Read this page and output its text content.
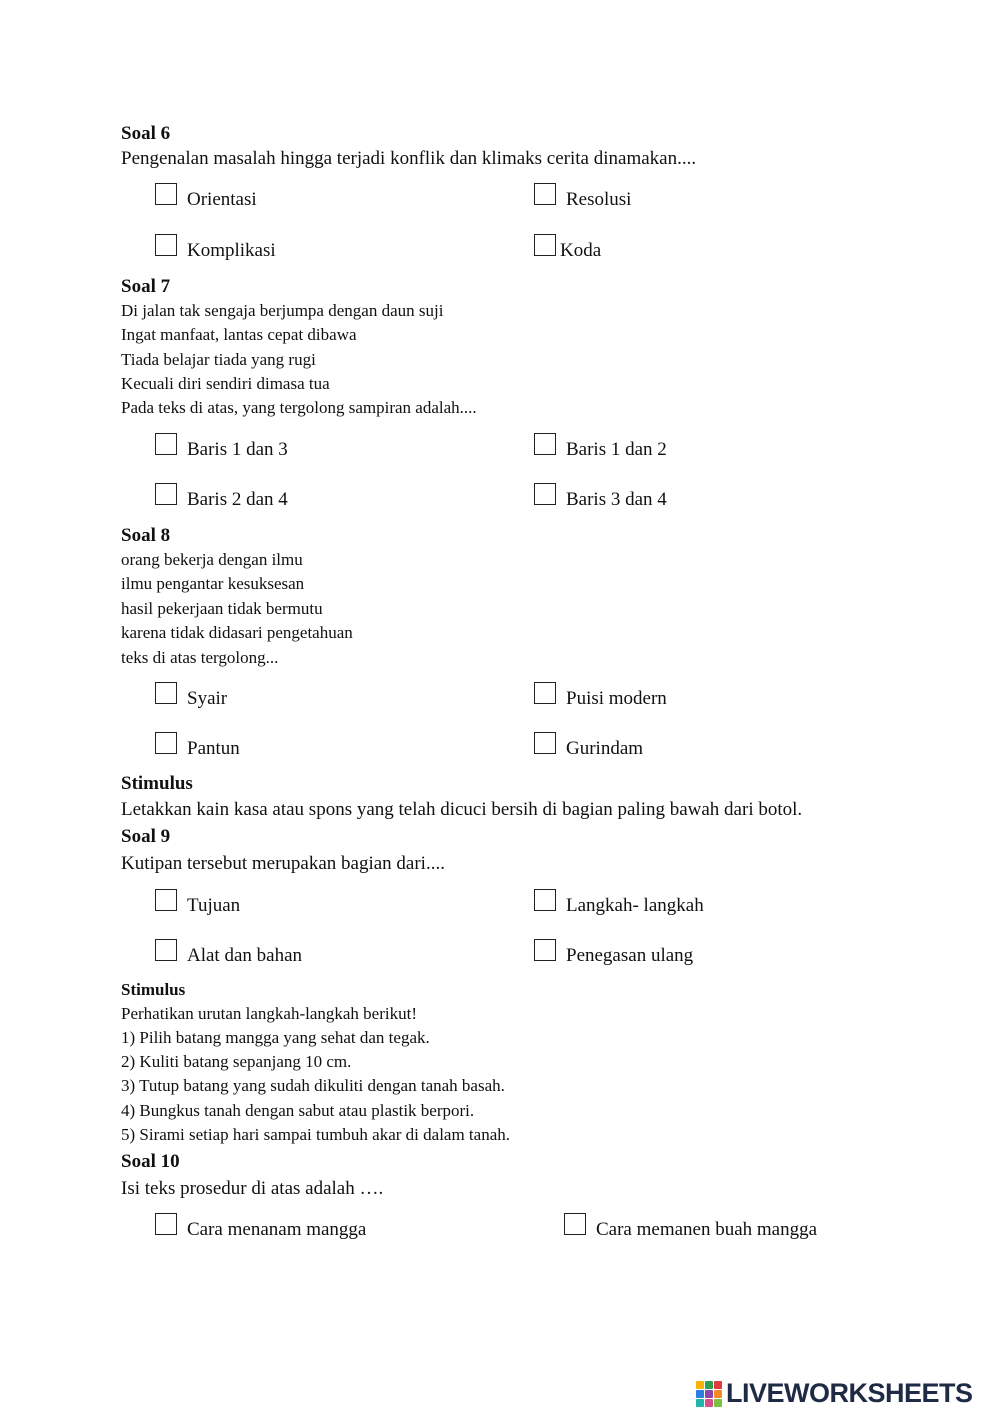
Soal 6
Pengenalan masalah hingga terjadi konflik dan klimaks cerita dinamakan....
Orientasi	Resolusi
Komplikasi	Koda
Soal 7
Di jalan tak sengaja berjumpa dengan daun suji
Ingat manfaat, lantas cepat dibawa
Tiada belajar tiada yang rugi
Kecuali diri sendiri dimasa tua
Pada teks di atas, yang tergolong sampiran adalah....
Baris 1 dan 3	Baris 1 dan 2
Baris 2 dan 4	Baris 3 dan 4
Soal 8
orang bekerja dengan ilmu
ilmu pengantar kesuksesan
hasil pekerjaan tidak bermutu
karena tidak didasari pengetahuan
teks di atas tergolong...
Syair	Puisi modern
Pantun	Gurindam
Stimulus
Letakkan kain kasa atau spons yang telah dicuci bersih di bagian paling bawah dari botol.
Soal 9
Kutipan tersebut merupakan bagian dari....
Tujuan	Langkah- langkah
Alat dan bahan	Penegasan ulang
Stimulus
Perhatikan urutan langkah-langkah berikut!
1) Pilih batang mangga yang sehat dan tegak.
2) Kuliti batang sepanjang 10 cm.
3) Tutup batang yang sudah dikuliti dengan tanah basah.
4) Bungkus tanah dengan sabut atau plastik berpori.
5) Sirami setiap hari sampai tumbuh akar di dalam tanah.
Soal 10
Isi teks prosedur di atas adalah ….
Cara menanam mangga	Cara memanen buah mangga
LIVEWORKSHEETS
